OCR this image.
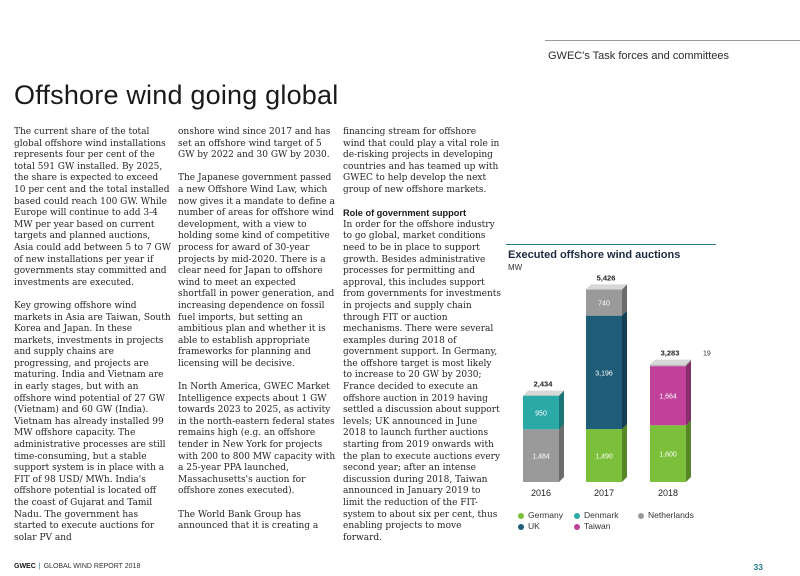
GWEC's Task forces and committees
Offshore wind going global

The current share of the total global offshore wind installations represents four per cent of the total 591 GW installed. By 2025, the share is expected to exceed 10 per cent and the total installed based could reach 100 GW. While Europe will continue to add 3-4 MW per year based on current targets and planned auctions, Asia could add between 5 to 7 GW of new installations per year if governments stay committed and investments are executed.

Key growing offshore wind markets in Asia are Taiwan, South Korea and Japan. In these markets, investments in projects and supply chains are progressing, and projects are maturing. India and Vietnam are in early stages, but with an offshore wind potential of 27 GW (Vietnam) and 60 GW (India). Vietnam has already installed 99 MW offshore capacity. The administrative processes are still time-consuming, but a stable support system is in place with a FIT of 98 USD/ MWh. India's offshore potential is located off the coast of Gujarat and Tamil Nadu. The government has started to execute auctions for solar PV and

onshore wind since 2017 and has set an offshore wind target of 5 GW by 2022 and 30 GW by 2030.

The Japanese government passed a new Offshore Wind Law, which now gives it a mandate to define a number of areas for offshore wind development, with a view to holding some kind of competitive process for award of 30-year projects by mid-2020. There is a clear need for Japan to offshore wind to meet an expected shortfall in power generation, and increasing dependence on fossil fuel imports, but setting an ambitious plan and whether it is able to establish appropriate frameworks for planning and licensing will be decisive.

In North America, GWEC Market Intelligence expects about 1 GW towards 2023 to 2025, as activity in the north-eastern federal states remains high (e.g. an offshore tender in New York for projects with 200 to 800 MW capacity with a 25-year PPA launched, Massachusetts's auction for offshore zones executed).

The World Bank Group has announced that it is creating a

financing stream for offshore wind that could play a vital role in de-risking projects in developing countries and has teamed up with GWEC to help develop the next group of new offshore markets.

Role of government support

In order for the offshore industry to go global, market conditions need to be in place to support growth. Besides administrative processes for permitting and approval, this includes support from governments for investments in projects and supply chain through FIT or auction mechanisms. There were several examples during 2018 of government support. In Germany, the offshore target is most likely to increase to 20 GW by 2030; France decided to execute an offshore auction in 2019 having settled a discussion about support levels; UK announced in June 2018 to launch further auctions starting from 2019 onwards with the plan to execute auctions every second year; after an intense discussion during 2018, Taiwan announced in January 2019 to limit the reduction of the FIT-system to about six per cent, thus enabling projects to move forward.

Executed offshore wind auctions
MW
1,484
950
2,434
2016
1,490
3,196
740
5,426
2017
1,600
1,664
19
3,283
2018
Germany	Denmark	Netherlands
UK	Taiwan
GWEC | GLOBAL WIND REPORT 2018	33
